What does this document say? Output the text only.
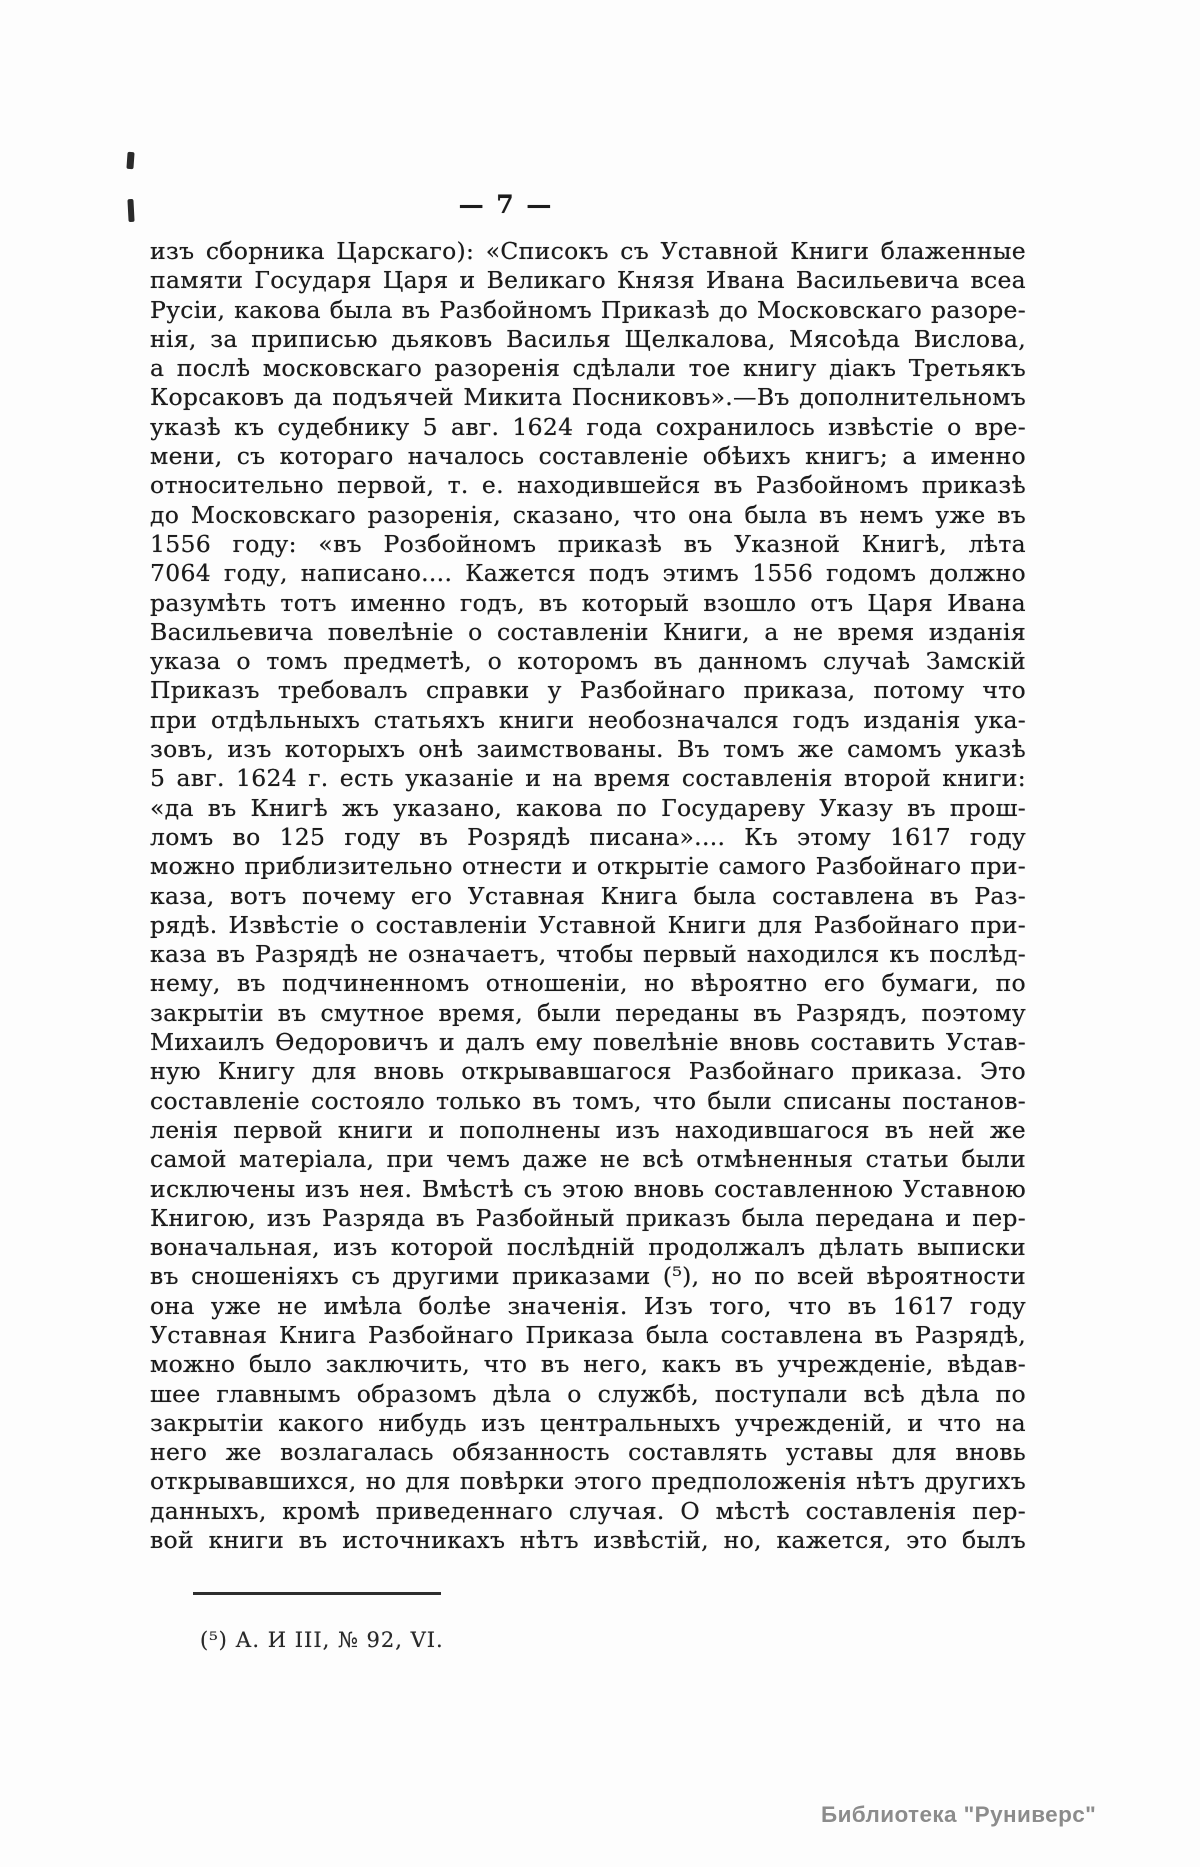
— 7 —
изъ сборника Царскаго): «Списокъ съ Уставной Книги блаженные
памяти Государя Царя и Великаго Князя Ивана Васильевича всеа
Русіи, какова была въ Разбойномъ Приказѣ до Московскаго разоре-
нія, за приписью дьяковъ Василья Щелкалова, Мясоѣда Вислова,
а послѣ московскаго разоренія сдѣлали тое книгу діакъ Третьякъ
Корсаковъ да подъячей Микита Посниковъ».—Въ дополнительномъ
указѣ къ судебнику 5 авг. 1624 года сохранилось извѣстіе о вре-
мени, съ котораго началось составленіе обѣихъ книгъ; а именно
относительно первой, т. е. находившейся въ Разбойномъ приказѣ
до Московскаго разоренія, сказано, что она была въ немъ уже въ
1556 году: «въ Розбойномъ приказѣ въ Указной Книгѣ, лѣта
7064 году, написано.... Кажется подъ этимъ 1556 годомъ должно
разумѣть тотъ именно годъ, въ который взошло отъ Царя Ивана
Васильевича повелѣніе о составленіи Книги, а не время изданія
указа о томъ предметѣ, о которомъ въ данномъ случаѣ Замскій
Приказъ требовалъ справки у Разбойнаго приказа, потому что
при отдѣльныхъ статьяхъ книги необозначался годъ изданія ука-
зовъ, изъ которыхъ онѣ заимствованы. Въ томъ же самомъ указѣ
5 авг. 1624 г. есть указаніе и на время составленія второй книги:
«да въ Книгѣ жъ указано, какова по Государеву Указу въ прош-
ломъ во 125 году въ Розрядѣ писана».... Къ этому 1617 году
можно приблизительно отнести и открытіе самого Разбойнаго при-
каза, вотъ почему его Уставная Книга была составлена въ Раз-
рядѣ. Извѣстіе о составленіи Уставной Книги для Разбойнаго при-
каза въ Разрядѣ не означаетъ, чтобы первый находился къ послѣд-
нему, въ подчиненномъ отношеніи, но вѣроятно его бумаги, по
закрытіи въ смутное время, были переданы въ Разрядъ, поэтому
Михаилъ Ѳедоровичъ и далъ ему повелѣніе вновь составить Устав-
ную Книгу для вновь открывавшагося Разбойнаго приказа. Это
составленіе состояло только въ томъ, что были списаны постанов-
ленія первой книги и пополнены изъ находившагося въ ней же
самой матеріала, при чемъ даже не всѣ отмѣненныя статьи были
исключены изъ нея. Вмѣстѣ съ этою вновь составленною Уставною
Книгою, изъ Разряда въ Разбойный приказъ была передана и пер-
воначальная, изъ которой послѣдній продолжалъ дѣлать выписки
въ сношеніяхъ съ другими приказами (⁵), но по всей вѣроятности
она уже не имѣла болѣе значенія. Изъ того, что въ 1617 году
Уставная Книга Разбойнаго Приказа была составлена въ Разрядѣ,
можно было заключить, что въ него, какъ въ учрежденіе, вѣдав-
шее главнымъ образомъ дѣла о службѣ, поступали всѣ дѣла по
закрытіи какого нибудь изъ центральныхъ учрежденій, и что на
него же возлагалась обязанность составлять уставы для вновь
открывавшихся, но для повѣрки этого предположенія нѣтъ другихъ
данныхъ, кромѣ приведеннаго случая. О мѣстѣ составленія пер-
вой книги въ источникахъ нѣтъ извѣстій, но, кажется, это былъ
(⁵) А. И III, № 92, VI.
Библиотека "Руниверс"
